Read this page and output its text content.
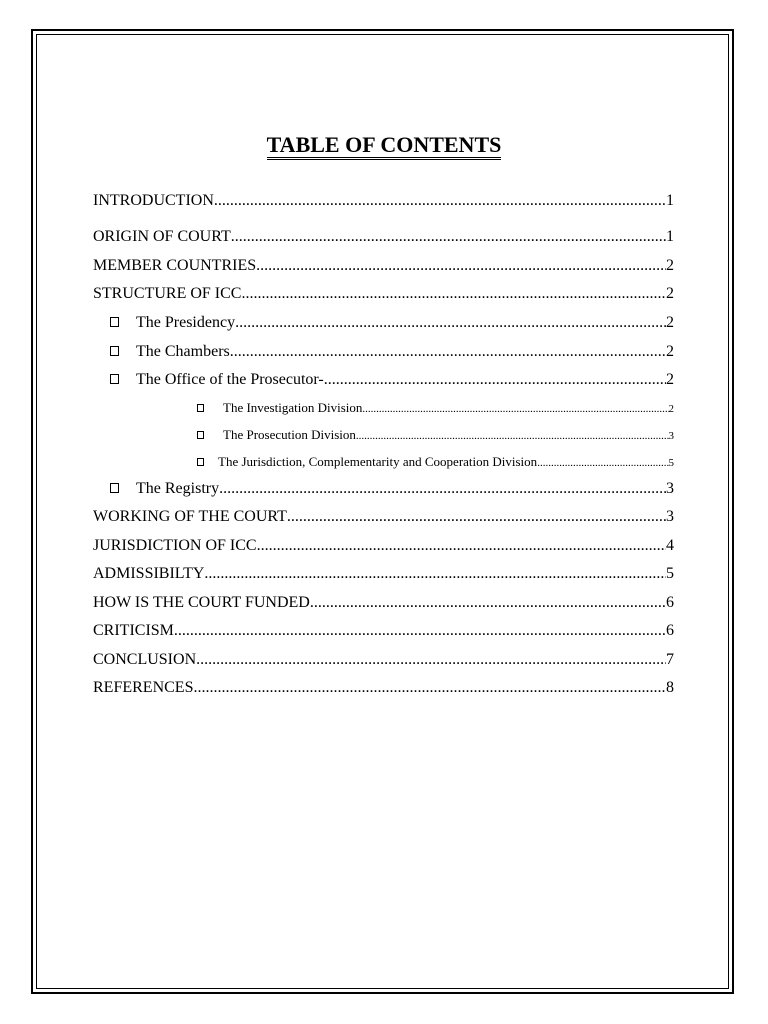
TABLE OF CONTENTS
INTRODUCTION .....	1
ORIGIN OF COURT .....	1
MEMBER COUNTRIES .....	2
STRUCTURE OF ICC .....	2
The Presidency .....	2
The Chambers .....	2
The Office of the Prosecutor- .....	2
The Investigation Division .....	2
The Prosecution Division .....	3
The Jurisdiction, Complementarity and Cooperation Division .....	5
The Registry .....	3
WORKING OF THE COURT .....	3
JURISDICTION OF ICC .....	4
ADMISSIBILTY .....	5
HOW IS THE COURT FUNDED .....	6
CRITICISM .....	6
CONCLUSION .....	7
REFERENCES .....	8
